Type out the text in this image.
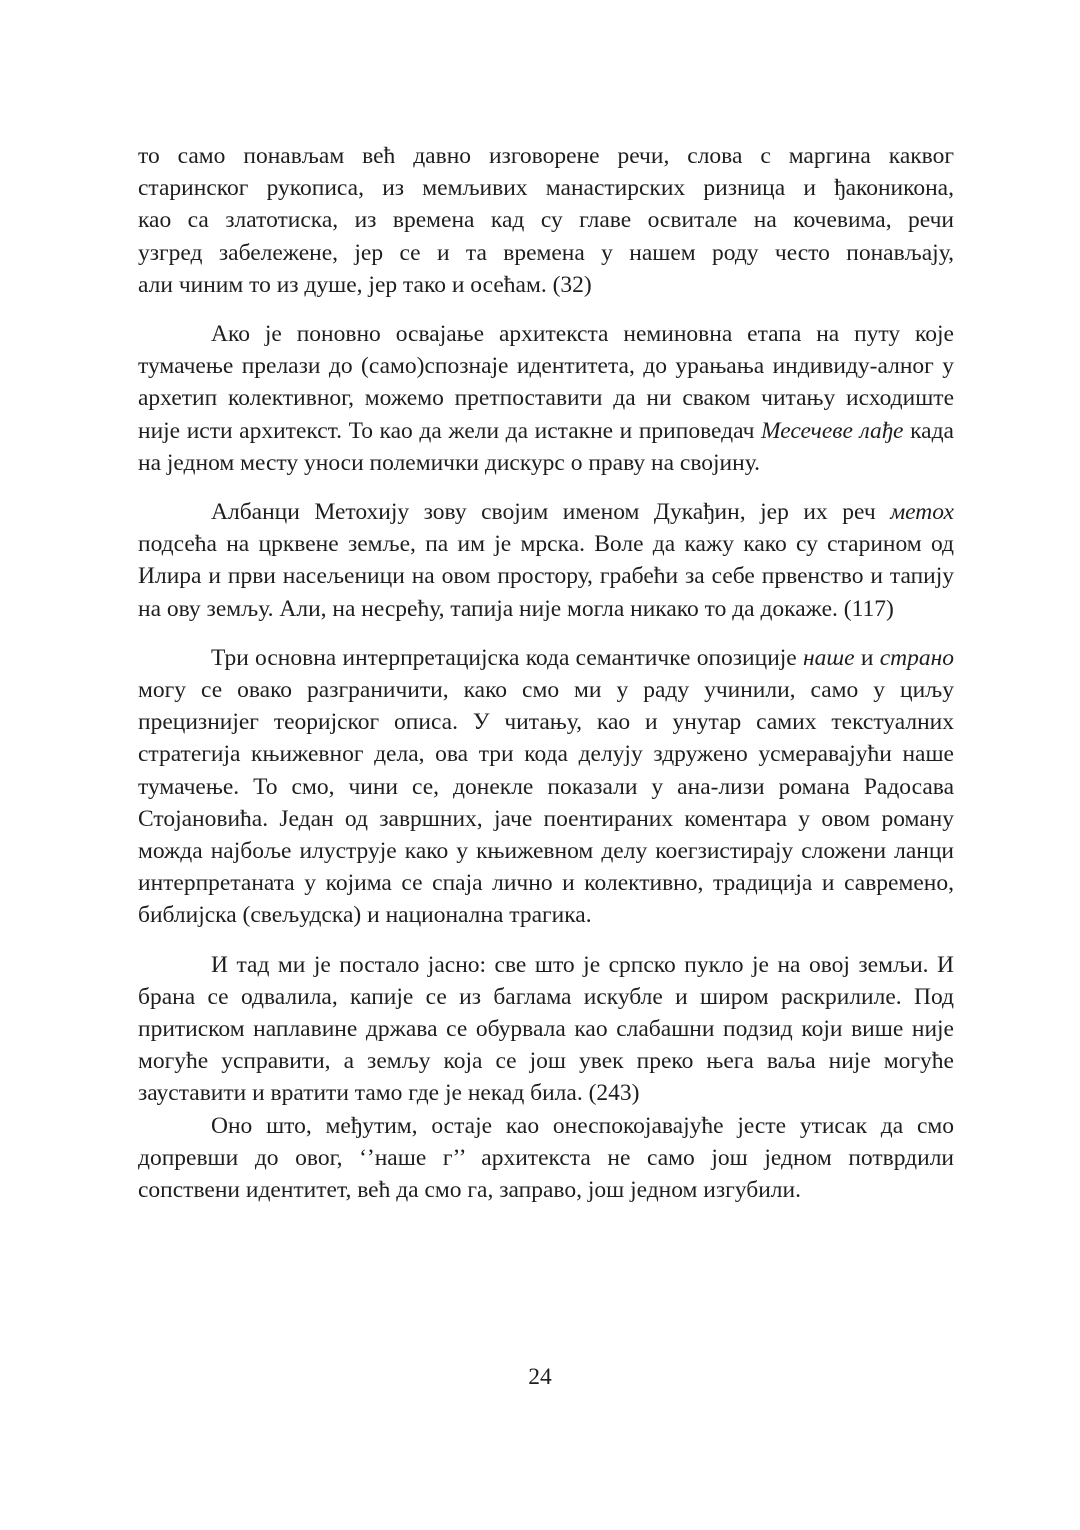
то само понављам већ давно изговорене речи, слова с маргина каквог
старинског рукописа, из мемљивих манастирских ризница и ђаконикона,
као са златотиска, из времена кад су главе освитале на кочевима, речи
узгред забележене, јер се и та времена у нашем роду често понављају,
али чиним то из душе, јер тако и осећам. (32)

Ако је поновно освајање архитекста неминовна етапа на путу које тумачење прелази до (само)спознаје идентитета, до урањања индивиду-алног у архетип колективног, можемо претпоставити да ни сваком читању исходиште није исти архитекст. То као да жели да истакне и приповедач Месечеве лађе када на једном месту уноси полемички дискурс о праву на својину.

Албанци Метохију зову својим именом Дукађин, јер их реч метох подсећа на црквене земље, па им је мрска. Воле да кажу како су старином од Илира и први насељеници на овом простору, грабећи за себе првенство и тапију на ову земљу. Али, на несрећу, тапија није могла никако то да докаже. (117)

Три основна интерпретацијска кода семантичке опозиције наше и страно могу се овако разграничити, како смо ми у раду учинили, само у циљу прецизнијег теоријског описа. У читању, као и унутар самих текстуалних стратегија књижевног дела, ова три кода делују здружено усмеравајући наше тумачење. То смо, чини се, донекле показали у ана-лизи романа Радосава Стојановића. Један од завршних, јаче поентираних коментара у овом роману можда најбоље илуструје како у књижевном делу коегзистирају сложени ланци интерпретаната у којима се спаја лично и колективно, традиција и савремено, библијска (свељудска) и национална трагика.

И тад ми је постало јасно: све што је српско пукло је на овој земљи. И брана се одвалила, капије се из баглама искубле и широм раскрилиле. Под притиском наплавине држава се обурвала као слабашни подзид који више није могуће усправити, а земљу која се још увек преко њега ваља није могуће зауставити и вратити тамо где је некад била. (243)

Оно што, међутим, остаје као онеспокојавајуће јесте утисак да смо допревши до овог, ‘’наше г’’ архитекста не само још једном потврдили сопствени идентитет, већ да смо га, заправо, још једном изгубили.

24
